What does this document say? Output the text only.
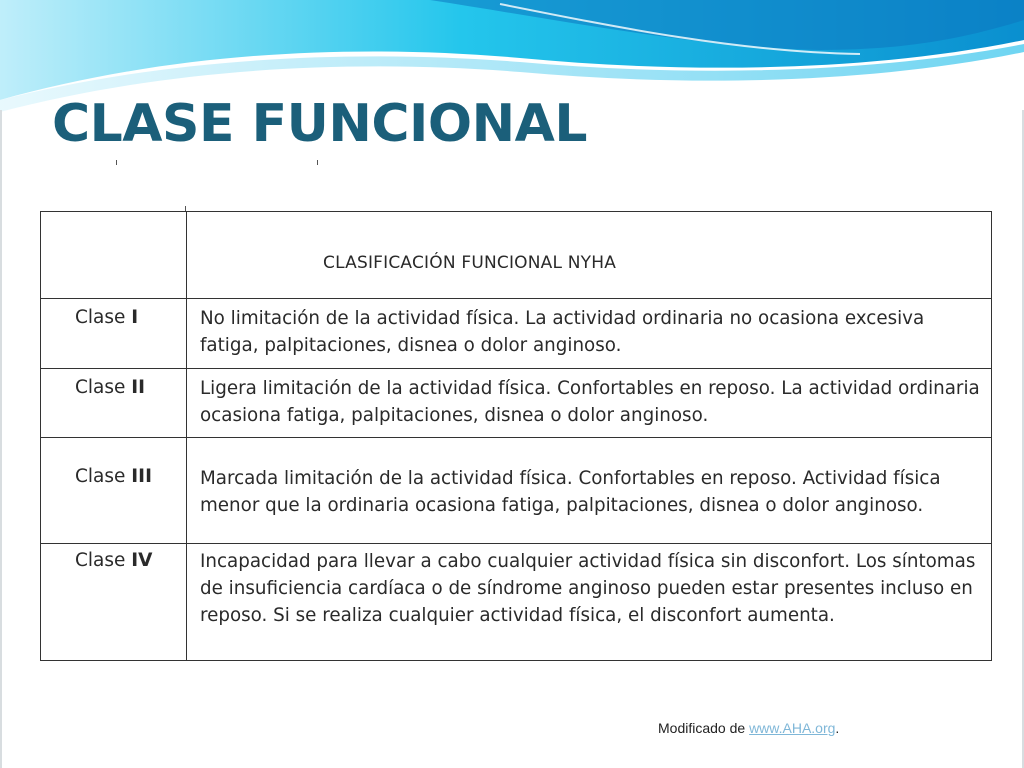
CLASE FUNCIONAL

	CLASIFICACIÓN FUNCIONAL NYHA

Clase I	No limitación de la actividad física. La actividad ordinaria no ocasiona excesiva fatiga, palpitaciones, disnea o dolor anginoso.

Clase II	Ligera limitación de la actividad física. Confortables en reposo. La actividad ordinaria ocasiona fatiga, palpitaciones, disnea o dolor anginoso.

Clase III	Marcada limitación de la actividad física. Confortables en reposo. Actividad física menor que la ordinaria ocasiona fatiga, palpitaciones, disnea o dolor anginoso.

Clase IV	Incapacidad para llevar a cabo cualquier actividad física sin disconfort. Los síntomas de insuficiencia cardíaca o de síndrome anginoso pueden estar presentes incluso en reposo. Si se realiza cualquier actividad física, el disconfort aumenta.
Modificado de www.AHA.org.
